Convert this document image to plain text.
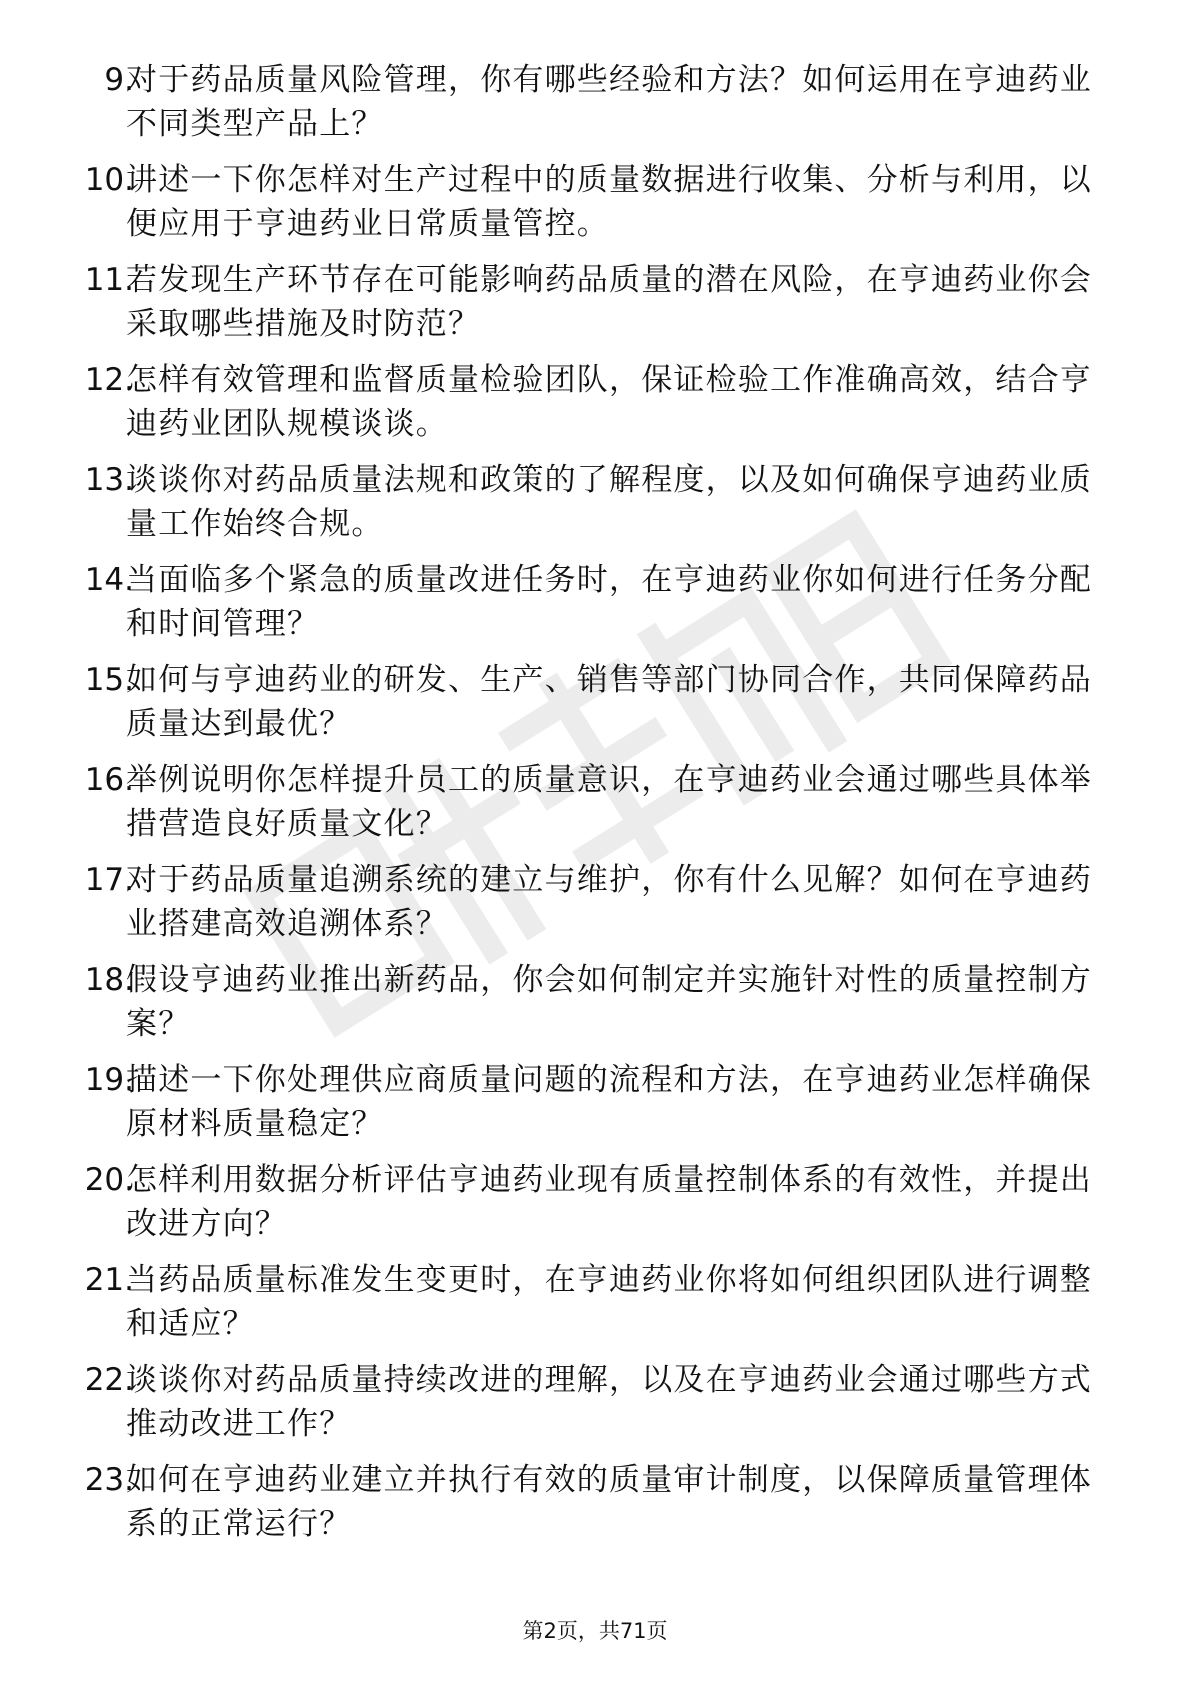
9.
对于药品质量风险管理，你有哪些经验和方法？如何运用在亨迪药业不同类型产品上？
10.
讲述一下你怎样对生产过程中的质量数据进行收集、分析与利用，以便应用于亨迪药业日常质量管控。
11.
若发现生产环节存在可能影响药品质量的潜在风险，在亨迪药业你会采取哪些措施及时防范？
12.
怎样有效管理和监督质量检验团队，保证检验工作准确高效，结合亨迪药业团队规模谈谈。
13.
谈谈你对药品质量法规和政策的了解程度，以及如何确保亨迪药业质量工作始终合规。
14.
当面临多个紧急的质量改进任务时，在亨迪药业你如何进行任务分配和时间管理？
15.
如何与亨迪药业的研发、生产、销售等部门协同合作，共同保障药品质量达到最优？
16.
举例说明你怎样提升员工的质量意识，在亨迪药业会通过哪些具体举措营造良好质量文化？
17.
对于药品质量追溯系统的建立与维护，你有什么见解？如何在亨迪药业搭建高效追溯体系？
18.
假设亨迪药业推出新药品，你会如何制定并实施针对性的质量控制方案？
19.
描述一下你处理供应商质量问题的流程和方法，在亨迪药业怎样确保原材料质量稳定？
20.
怎样利用数据分析评估亨迪药业现有质量控制体系的有效性，并提出改进方向？
21.
当药品质量标准发生变更时，在亨迪药业你将如何组织团队进行调整和适应？
22.
谈谈你对药品质量持续改进的理解，以及在亨迪药业会通过哪些方式推动改进工作？
23.
如何在亨迪药业建立并执行有效的质量审计制度，以保障质量管理体系的正常运行？
第2页，共71页
